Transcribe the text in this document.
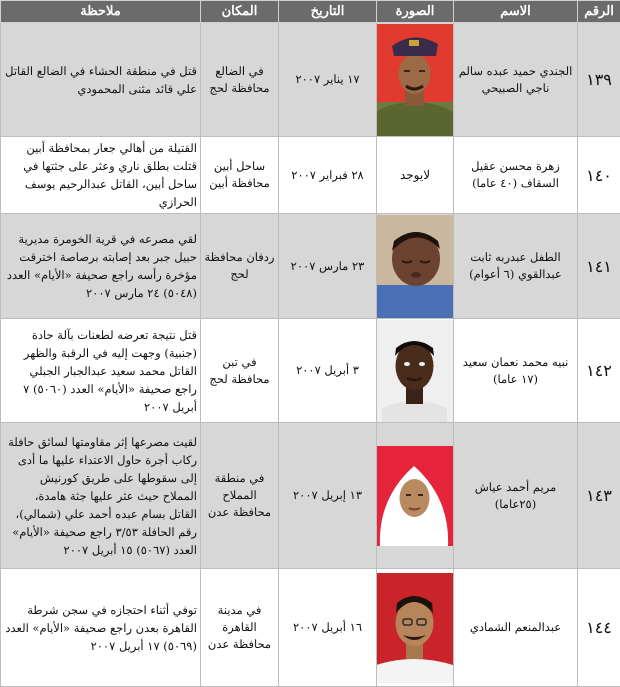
الرقم	الاسم	الصورة	التاريخ	المكان	ملاحظة
١٣٩	الجندي حميد عبده سالم ناجي الصبيحي		١٧ يناير ٢٠٠٧	في الضالع محافظة لحج	قتل في منطقة الحشاء في الضالع القاتل علي قائد مثنى المحمودي
١٤٠	زهرة محسن عقيل السقاف (٤٠ عاما)	لايوجد	٢٨ فبراير ٢٠٠٧	ساحل أبين محافظة أبين	القتيلة من أهالي جعار بمحافظة أبين قتلت بطلق ناري وعثر على جثتها في ساحل أبين، القاتل عبدالرحيم يوسف الحرازي
١٤١	الطفل عبدربه ثابت عبدالقوي (٦ أعوام)		٢٣ مارس ٢٠٠٧	ردفان محافظة لحج	لقي مصرعه في قرية الخومرة مديرية حبيل جبر بعد إصابته برصاصة اخترقت مؤخرة رأسه راجع صحيفة «الأيام» العدد (٥٠٤٨) ٢٤ مارس ٢٠٠٧
١٤٢	نبيه محمد نعمان سعيد (١٧ عاما)		٣ أبريل ٢٠٠٧	في تبن محافظة لحج	قتل نتيجة تعرضه لطعنات بآلة حادة (جنبية) وجهت إليه في الرقبة والظهر القاتل محمد سعيد عبدالجبار الجبلي راجع صحيفة «الأيام» العدد (٥٠٦٠) ٧ أبريل ٢٠٠٧
١٤٣	مريم أحمد عياش (٢٥عاما)		١٣ إبريل ٢٠٠٧	في منطقة المملاح محافظة عدن	لقيت مصرعها إثر مقاومتها لسائق حافلة ركاب أجرة حاول الاعتداء عليها ما أدى إلى سقوطها على طريق كورنيش المملاح حيث عثر عليها جثة هامدة، القاتل بسام عبده أحمد علي (شمالي)، رقم الحافلة ٣/٥٣ راجع صحيفة «الأيام» العدد (٥٠٦٧) ١٥ أبريل ٢٠٠٧
١٤٤	عبدالمنعم الشمادي		١٦ أبريل ٢٠٠٧	في مدينة القاهرة محافظة عدن	توفي أثناء احتجازه في سجن شرطة القاهرة بعدن راجع صحيفة «الأيام» العدد (٥٠٦٩) ١٧ أبريل ٢٠٠٧
